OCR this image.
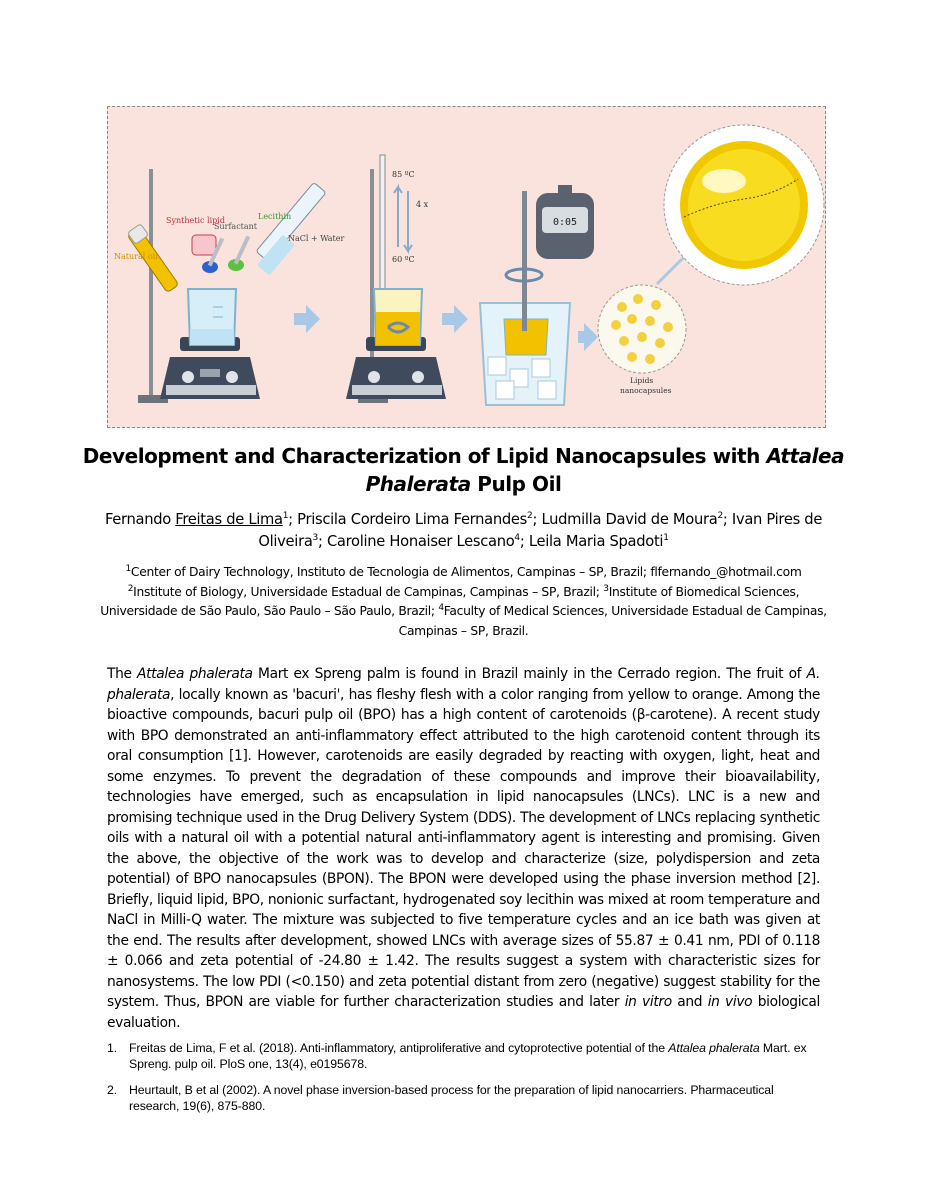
Natural oil
Synthetic lipid
Surfactant
Lecithin
NaCl + Water
85 ºC
60 ºC
4 x
0:05
Lipids
nanocapsules
Development and Characterization of Lipid Nanocapsules with Attalea
Phalerata Pulp Oil
Fernando Freitas de Lima$^1$; Priscila Cordeiro Lima Fernandes$^2$; Ludmilla David de Moura$^2$; Ivan Pires de Oliveira$^3$; Caroline Honaiser Lescano$^4$; Leila Maria Spadoti$^1$
$^1$Center of Dairy Technology, Instituto de Tecnologia de Alimentos, Campinas – SP, Brazil; flfernando_@hotmail.com $^2$Institute of Biology, Universidade Estadual de Campinas, Campinas – SP, Brazil; $^3$Institute of Biomedical Sciences, Universidade de São Paulo, São Paulo – São Paulo, Brazil; $^4$Faculty of Medical Sciences, Universidade Estadual de Campinas, Campinas – SP, Brazil.

The Attalea phalerata Mart ex Spreng palm is found in Brazil mainly in the Cerrado region. The fruit of A. phalerata, locally known as 'bacuri', has fleshy flesh with a color ranging from yellow to orange. Among the bioactive compounds, bacuri pulp oil (BPO) has a high content of carotenoids (β-carotene). A recent study with BPO demonstrated an anti-inflammatory effect attributed to the high carotenoid content through its oral consumption [1]. However, carotenoids are easily degraded by reacting with oxygen, light, heat and some enzymes. To prevent the degradation of these compounds and improve their bioavailability, technologies have emerged, such as encapsulation in lipid nanocapsules (LNCs). LNC is a new and promising technique used in the Drug Delivery System (DDS). The development of LNCs replacing synthetic oils with a natural oil with a potential natural anti-inflammatory agent is interesting and promising. Given the above, the objective of the work was to develop and characterize (size, polydispersion and zeta potential) of BPO nanocapsules (BPON). The BPON were developed using the phase inversion method [2]. Briefly, liquid lipid, BPO, nonionic surfactant, hydrogenated soy lecithin was mixed at room temperature and NaCl in Milli-Q water. The mixture was subjected to five temperature cycles and an ice bath was given at the end. The results after development, showed LNCs with average sizes of 55.87 ± 0.41 nm, PDI of 0.118 ± 0.066 and zeta potential of -24.80 ± 1.42. The results suggest a system with characteristic sizes for nanosystems. The low PDI (<0.150) and zeta potential distant from zero (negative) suggest stability for the system. Thus, BPON are viable for further characterization studies and later in vitro and in vivo biological evaluation.

1. Freitas de Lima, F et al. (2018). Anti-inflammatory, antiproliferative and cytoprotective potential of the Attalea phalerata Mart. ex Spreng. pulp oil. PloS one, 13(4), e0195678.
2. Heurtault, B et al (2002). A novel phase inversion-based process for the preparation of lipid nanocarriers. Pharmaceutical research, 19(6), 875-880.
